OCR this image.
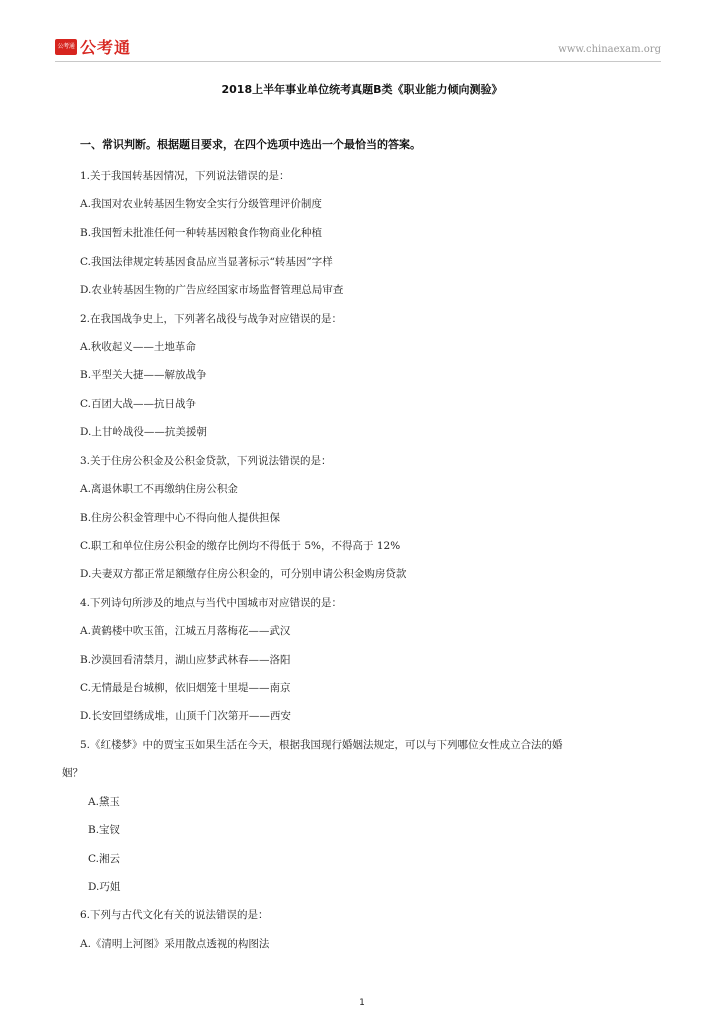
公考通 公考通	www.chinaexam.org
2018上半年事业单位统考真题B类《职业能力倾向测验》
一、常识判断。根据题目要求，在四个选项中选出一个最恰当的答案。
1.关于我国转基因情况，下列说法错误的是：
A.我国对农业转基因生物安全实行分级管理评价制度
B.我国暂未批准任何一种转基因粮食作物商业化种植
C.我国法律规定转基因食品应当显著标示“转基因”字样
D.农业转基因生物的广告应经国家市场监督管理总局审查
2.在我国战争史上，下列著名战役与战争对应错误的是：
A.秋收起义——土地革命
B.平型关大捷——解放战争
C.百团大战——抗日战争
D.上甘岭战役——抗美援朝
3.关于住房公积金及公积金贷款，下列说法错误的是：
A.离退休职工不再缴纳住房公积金
B.住房公积金管理中心不得向他人提供担保
C.职工和单位住房公积金的缴存比例均不得低于 5%，不得高于 12%
D.夫妻双方都正常足额缴存住房公积金的，可分别申请公积金购房贷款
4.下列诗句所涉及的地点与当代中国城市对应错误的是：
A.黄鹤楼中吹玉笛，江城五月落梅花——武汉
B.沙漠回看清禁月，湖山应梦武林春——洛阳
C.无情最是台城柳，依旧烟笼十里堤——南京
D.长安回望绣成堆，山顶千门次第开——西安
5.《红楼梦》中的贾宝玉如果生活在今天，根据我国现行婚姻法规定，可以与下列哪位女性成立合法的婚
姻？
A.黛玉
B.宝钗
C.湘云
D.巧姐
6.下列与古代文化有关的说法错误的是：
A.《清明上河图》采用散点透视的构图法
1
